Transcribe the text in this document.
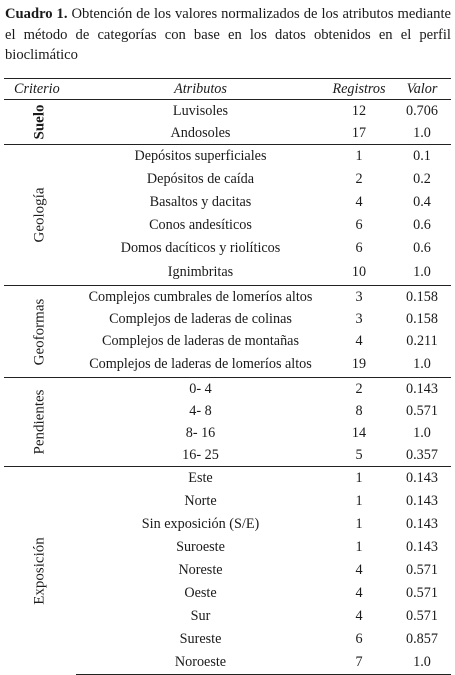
Cuadro 1. Obtención de los valores normalizados de los atributos mediante el método de categorías con base en los datos obtenidos en el perfil bioclimático
Criterio	Atributos	Registros	Valor

Suelo	Luvisoles	12	0.706
	Andosoles	17	1.0

Geología	Depósitos superficiales	1	0.1
	Depósitos de caída	2	0.2
	Basaltos y dacitas	4	0.4
	Conos andesíticos	6	0.6
	Domos dacíticos y riolíticos	6	0.6
	Ignimbritas	10	1.0

Geoformas	Complejos cumbrales de lomeríos altos	3	0.158
	Complejos de laderas de colinas	3	0.158
	Complejos de laderas de montañas	4	0.211
	Complejos de laderas de lomeríos altos	19	1.0

Pendientes	0- 4	2	0.143
	4- 8	8	0.571
	8- 16	14	1.0
	16- 25	5	0.357

Exposición	Este	1	0.143
	Norte	1	0.143
	Sin exposición (S/E)	1	0.143
	Suroeste	1	0.143
	Noreste	4	0.571
	Oeste	4	0.571
	Sur	4	0.571
	Sureste	6	0.857
	Noroeste	7	1.0
